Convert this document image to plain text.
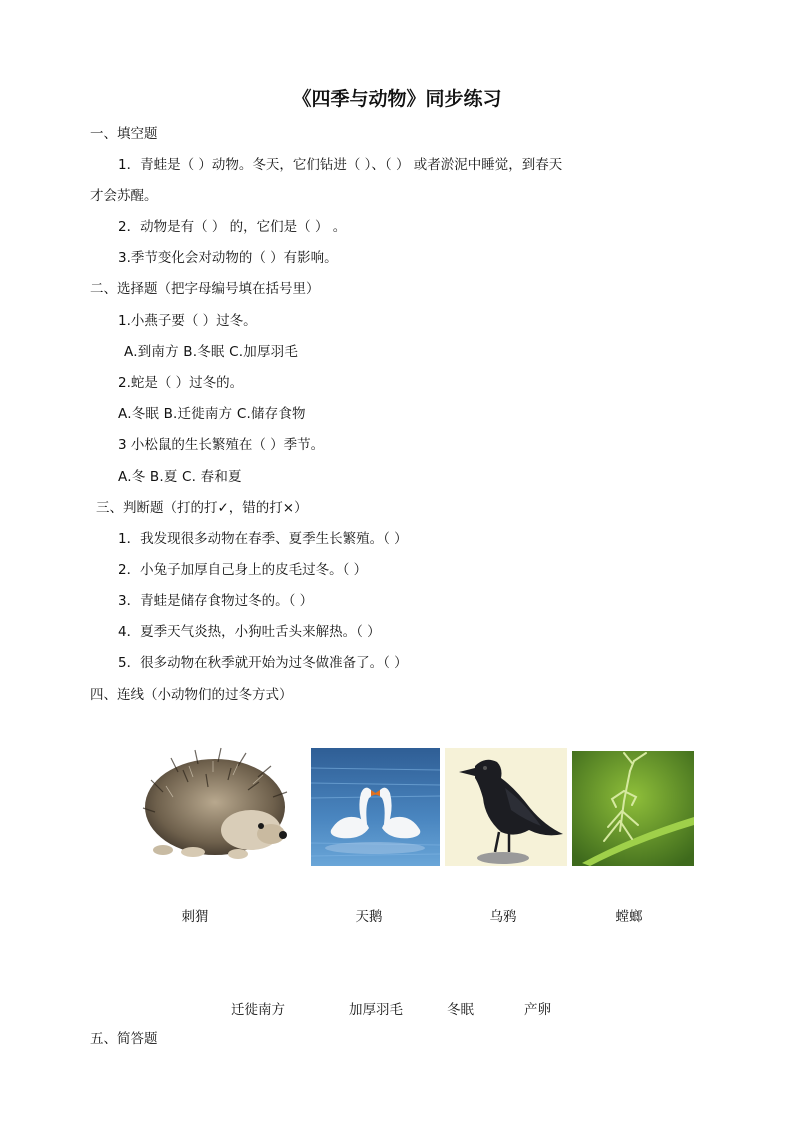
《四季与动物》同步练习
一、填空题
1．青蛙是（ ）动物。冬天，它们钻进（ ）、（ ） 或者淤泥中睡觉，到春天
才会苏醒。
2．动物是有（ ） 的，它们是（ ） 。
3.季节变化会对动物的（ ）有影响。
二、选择题（把字母编号填在括号里）
1.小燕子要（ ）过冬。
A.到南方 B.冬眠 C.加厚羽毛
2.蛇是（ ）过冬的。
A.冬眠 B.迁徙南方 C.储存食物
3 小松鼠的生长繁殖在（ ）季节。
A.冬 B.夏 C. 春和夏
三、判断题（打的打✓，错的打×）
1．我发现很多动物在春季、夏季生长繁殖。（ ）
2．小兔子加厚自己身上的皮毛过冬。（ ）
3．青蛙是储存食物过冬的。（ ）
4．夏季天气炎热，小狗吐舌头来解热。（ ）
5．很多动物在秋季就开始为过冬做准备了。（ ）
四、连线（小动物们的过冬方式）
刺猬	天鹅	乌鸦	螳螂
迁徙南方	加厚羽毛	冬眠	产卵
五、简答题
